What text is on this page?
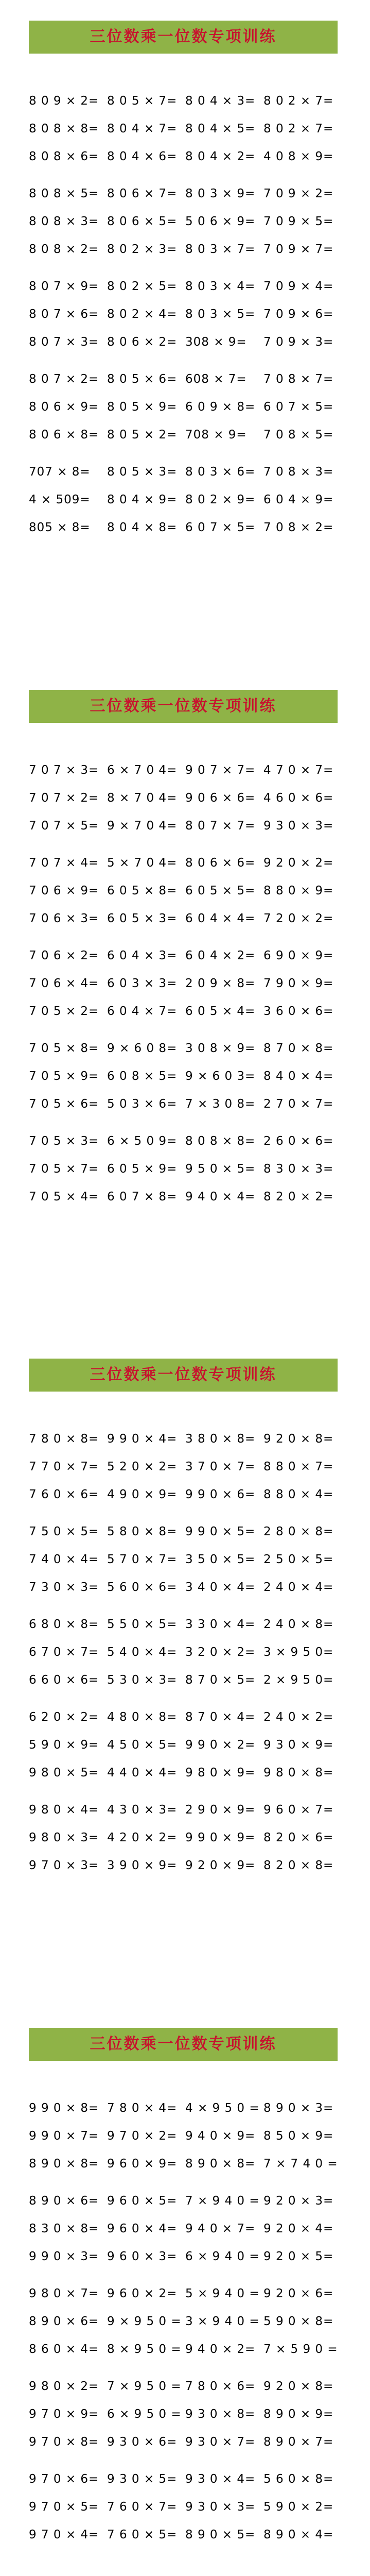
三位数乘一位数专项训练
8 0 9 × 2= 8 0 5 × 7= 8 0 4 × 3= 8 0 2 × 7=
8 0 8 × 8= 8 0 4 × 7= 8 0 4 × 5= 8 0 2 × 7=
8 0 8 × 6= 8 0 4 × 6= 8 0 4 × 2= 4 0 8 × 9=
8 0 8 × 5= 8 0 6 × 7= 8 0 3 × 9= 7 0 9 × 2=
8 0 8 × 3= 8 0 6 × 5= 5 0 6 × 9= 7 0 9 × 5=
8 0 8 × 2= 8 0 2 × 3= 8 0 3 × 7= 7 0 9 × 7=
8 0 7 × 9= 8 0 2 × 5= 8 0 3 × 4= 7 0 9 × 4=
8 0 7 × 6= 8 0 2 × 4= 8 0 3 × 5= 7 0 9 × 6=
8 0 7 × 3= 8 0 6 × 2= 308 × 9=	7 0 9 × 3=
8 0 7 × 2= 8 0 5 × 6= 608 × 7=	7 0 8 × 7=
8 0 6 × 9= 8 0 5 × 9= 6 0 9 × 8= 6 0 7 × 5=
8 0 6 × 8= 8 0 5 × 2= 708 × 9=	7 0 8 × 5=
707 × 8=	8 0 5 × 3= 8 0 3 × 6= 7 0 8 × 3=
4 × 509=	8 0 4 × 9= 8 0 2 × 9= 6 0 4 × 9=
805 × 8=	8 0 4 × 8= 6 0 7 × 5= 7 0 8 × 2=
三位数乘一位数专项训练
7 0 7 × 3= 6 × 7 0 4= 9 0 7 × 7= 4 7 0 × 7=
7 0 7 × 2= 8 × 7 0 4= 9 0 6 × 6= 4 6 0 × 6=
7 0 7 × 5= 9 × 7 0 4= 8 0 7 × 7= 9 3 0 × 3=
7 0 7 × 4= 5 × 7 0 4= 8 0 6 × 6= 9 2 0 × 2=
7 0 6 × 9= 6 0 5 × 8= 6 0 5 × 5= 8 8 0 × 9=
7 0 6 × 3= 6 0 5 × 3= 6 0 4 × 4= 7 2 0 × 2=
7 0 6 × 2= 6 0 4 × 3= 6 0 4 × 2= 6 9 0 × 9=
7 0 6 × 4= 6 0 3 × 3= 2 0 9 × 8= 7 9 0 × 9=
7 0 5 × 2= 6 0 4 × 7= 6 0 5 × 4= 3 6 0 × 6=
7 0 5 × 8= 9 × 6 0 8= 3 0 8 × 9= 8 7 0 × 8=
7 0 5 × 9= 6 0 8 × 5= 9 × 6 0 3= 8 4 0 × 4=
7 0 5 × 6= 5 0 3 × 6= 7 × 3 0 8= 2 7 0 × 7=
7 0 5 × 3= 6 × 5 0 9= 8 0 8 × 8= 2 6 0 × 6=
7 0 5 × 7= 6 0 5 × 9= 9 5 0 × 5= 8 3 0 × 3=
7 0 5 × 4= 6 0 7 × 8= 9 4 0 × 4= 8 2 0 × 2=
三位数乘一位数专项训练
7 8 0 × 8= 9 9 0 × 4= 3 8 0 × 8= 9 2 0 × 8=
7 7 0 × 7= 5 2 0 × 2= 3 7 0 × 7= 8 8 0 × 7=
7 6 0 × 6= 4 9 0 × 9= 9 9 0 × 6= 8 8 0 × 4=
7 5 0 × 5= 5 8 0 × 8= 9 9 0 × 5= 2 8 0 × 8=
7 4 0 × 4= 5 7 0 × 7= 3 5 0 × 5= 2 5 0 × 5=
7 3 0 × 3= 5 6 0 × 6= 3 4 0 × 4= 2 4 0 × 4=
6 8 0 × 8= 5 5 0 × 5= 3 3 0 × 4= 2 4 0 × 8=
6 7 0 × 7= 5 4 0 × 4= 3 2 0 × 2= 3 × 9 5 0=
6 6 0 × 6= 5 3 0 × 3= 8 7 0 × 5= 2 × 9 5 0=
6 2 0 × 2= 4 8 0 × 8= 8 7 0 × 4= 2 4 0 × 2=
5 9 0 × 9= 4 5 0 × 5= 9 9 0 × 2= 9 3 0 × 9=
9 8 0 × 5= 4 4 0 × 4= 9 8 0 × 9= 9 8 0 × 8=
9 8 0 × 4= 4 3 0 × 3= 2 9 0 × 9= 9 6 0 × 7=
9 8 0 × 3= 4 2 0 × 2= 9 9 0 × 9= 8 2 0 × 6=
9 7 0 × 3= 3 9 0 × 9= 9 2 0 × 9= 8 2 0 × 8=
三位数乘一位数专项训练
9 9 0 × 8= 7 8 0 × 4= 4 × 9 5 0 = 8 9 0 × 3=
9 9 0 × 7= 9 7 0 × 2= 9 4 0 × 9= 8 5 0 × 9=
8 9 0 × 8= 9 6 0 × 9= 8 9 0 × 8= 7 × 7 4 0 =
8 9 0 × 6= 9 6 0 × 5= 7 × 9 4 0 = 9 2 0 × 3=
8 3 0 × 8= 9 6 0 × 4= 9 4 0 × 7= 9 2 0 × 4=
9 9 0 × 3= 9 6 0 × 3= 6 × 9 4 0 = 9 2 0 × 5=
9 8 0 × 7= 9 6 0 × 2= 5 × 9 4 0 = 9 2 0 × 6=
8 9 0 × 6= 9 × 9 5 0 = 3 × 9 4 0 = 5 9 0 × 8=
8 6 0 × 4= 8 × 9 5 0 = 9 4 0 × 2= 7 × 5 9 0 =
9 8 0 × 2= 7 × 9 5 0 = 7 8 0 × 6= 9 2 0 × 8=
9 7 0 × 9= 6 × 9 5 0 = 9 3 0 × 8= 8 9 0 × 9=
9 7 0 × 8= 9 3 0 × 6= 9 3 0 × 7= 8 9 0 × 7=
9 7 0 × 6= 9 3 0 × 5= 9 3 0 × 4= 5 6 0 × 8=
9 7 0 × 5= 7 6 0 × 7= 9 3 0 × 3= 5 9 0 × 2=
9 7 0 × 4= 7 6 0 × 5= 8 9 0 × 5= 8 9 0 × 4=
